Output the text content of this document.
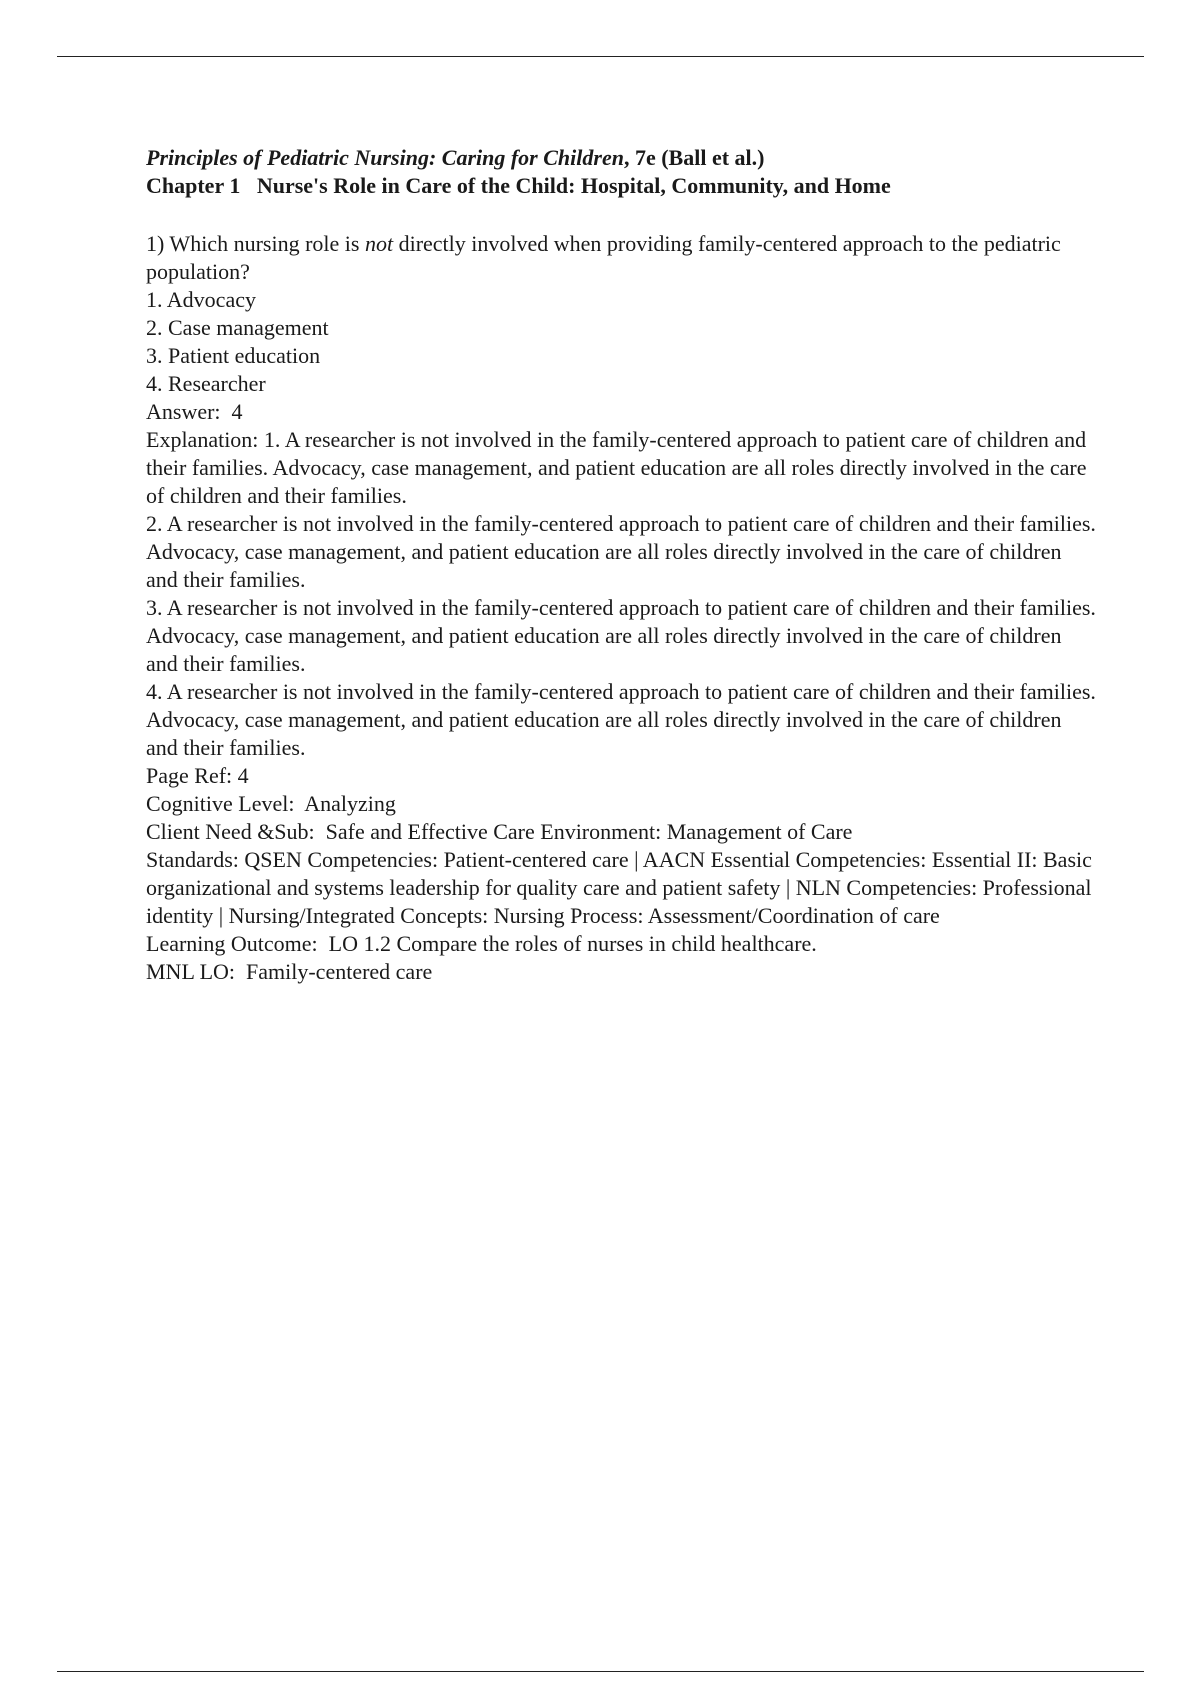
Principles of Pediatric Nursing: Caring for Children, 7e (Ball et al.)
Chapter 1   Nurse's Role in Care of the Child: Hospital, Community, and Home
1) Which nursing role is not directly involved when providing family-centered approach to the pediatric population?
1. Advocacy
2. Case management
3. Patient education
4. Researcher
Answer:  4
Explanation: 1. A researcher is not involved in the family-centered approach to patient care of children and their families. Advocacy, case management, and patient education are all roles directly involved in the care of children and their families.
2. A researcher is not involved in the family-centered approach to patient care of children and their families. Advocacy, case management, and patient education are all roles directly involved in the care of children and their families.
3. A researcher is not involved in the family-centered approach to patient care of children and their families. Advocacy, case management, and patient education are all roles directly involved in the care of children and their families.
4. A researcher is not involved in the family-centered approach to patient care of children and their families. Advocacy, case management, and patient education are all roles directly involved in the care of children and their families.
Page Ref: 4
Cognitive Level:  Analyzing
Client Need &Sub:  Safe and Effective Care Environment: Management of Care
Standards: QSEN Competencies: Patient-centered care | AACN Essential Competencies: Essential II: Basic organizational and systems leadership for quality care and patient safety | NLN Competencies: Professional identity | Nursing/Integrated Concepts: Nursing Process: Assessment/Coordination of care
Learning Outcome:  LO 1.2 Compare the roles of nurses in child healthcare.
MNL LO:  Family-centered care
